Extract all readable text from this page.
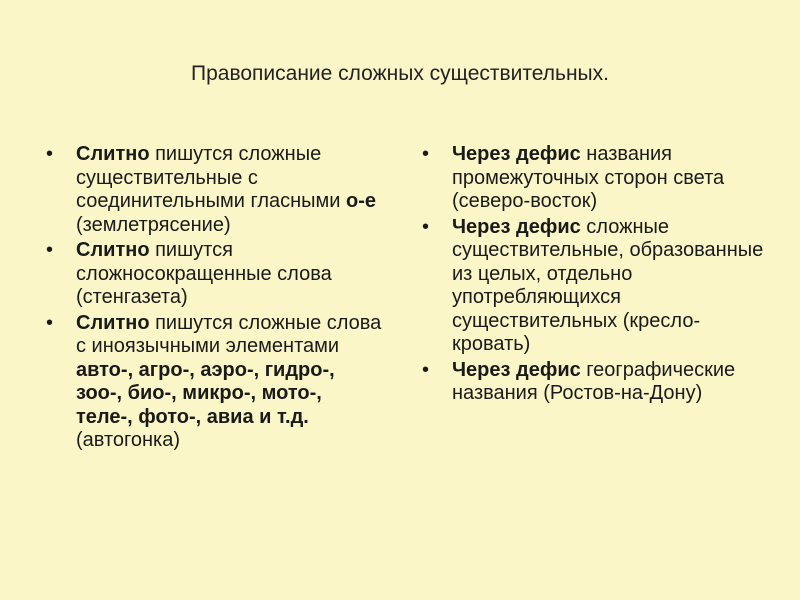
Правописание сложных существительных.
• Слитно пишутся сложные существительные с соединительными гласными о-е (землетрясение)
• Слитно пишутся сложносокращенные слова (стенгазета)
• Слитно пишутся сложные слова с иноязычными элементами авто-, агро-, аэро-, гидро-, зоо-, био-, микро-, мото-, теле-, фото-, авиа и т.д. (автогонка)
• Через дефис названия промежуточных сторон света (северо-восток)
• Через дефис сложные существительные, образованные из целых, отдельно употребляющихся существительных (кресло-кровать)
• Через дефис географические названия (Ростов-на-Дону)
